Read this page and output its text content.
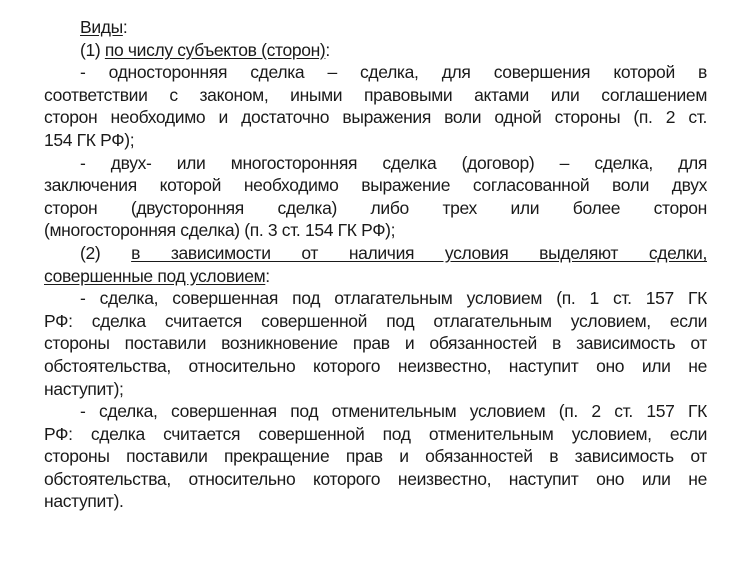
Виды:
(1) по числу субъектов (сторон):
- односторонняя сделка – сделка, для совершения которой в
соответствии с законом, иными правовыми актами или соглашением
сторон необходимо и достаточно выражения воли одной стороны (п. 2 ст.
154 ГК РФ);
- двух- или многосторонняя сделка (договор) – сделка, для
заключения которой необходимо выражение согласованной воли двух
сторон (двусторонняя сделка) либо трех или более сторон
(многосторонняя сделка) (п. 3 ст. 154 ГК РФ);
(2) в зависимости от наличия условия выделяют сделки,
совершенные под условием:
- сделка, совершенная под отлагательным условием (п. 1 ст. 157 ГК
РФ: сделка считается совершенной под отлагательным условием, если
стороны поставили возникновение прав и обязанностей в зависимость от
обстоятельства, относительно которого неизвестно, наступит оно или не
наступит);
- сделка, совершенная под отменительным условием (п. 2 ст. 157 ГК
РФ: сделка считается совершенной под отменительным условием, если
стороны поставили прекращение прав и обязанностей в зависимость от
обстоятельства, относительно которого неизвестно, наступит оно или не
наступит).
